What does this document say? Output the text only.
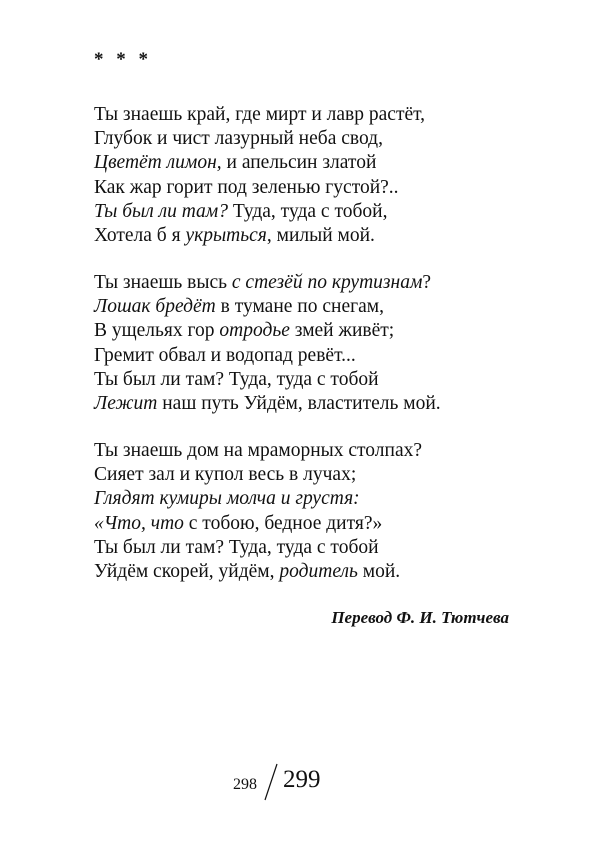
* * *
Ты знаешь край, где мирт и лавр растёт,
Глубок и чист лазурный неба свод,
Цветёт лимон, и апельсин златой
Как жар горит под зеленью густой?..
Ты был ли там? Туда, туда с тобой,
Хотела б я укрыться, милый мой.
Ты знаешь высь с стезёй по крутизнам?
Лошак бредёт в тумане по снегам,
В ущельях гор отродье змей живёт;
Гремит обвал и водопад ревёт...
Ты был ли там? Туда, туда с тобой
Лежит наш путь Уйдём, властитель мой.
Ты знаешь дом на мраморных столпах?
Сияет зал и купол весь в лучах;
Глядят кумиры молча и грустя:
«Что, что с тобою, бедное дитя?»
Ты был ли там? Туда, туда с тобой
Уйдём скорей, уйдём, родитель мой.
Перевод Ф. И. Тютчева
298 299
